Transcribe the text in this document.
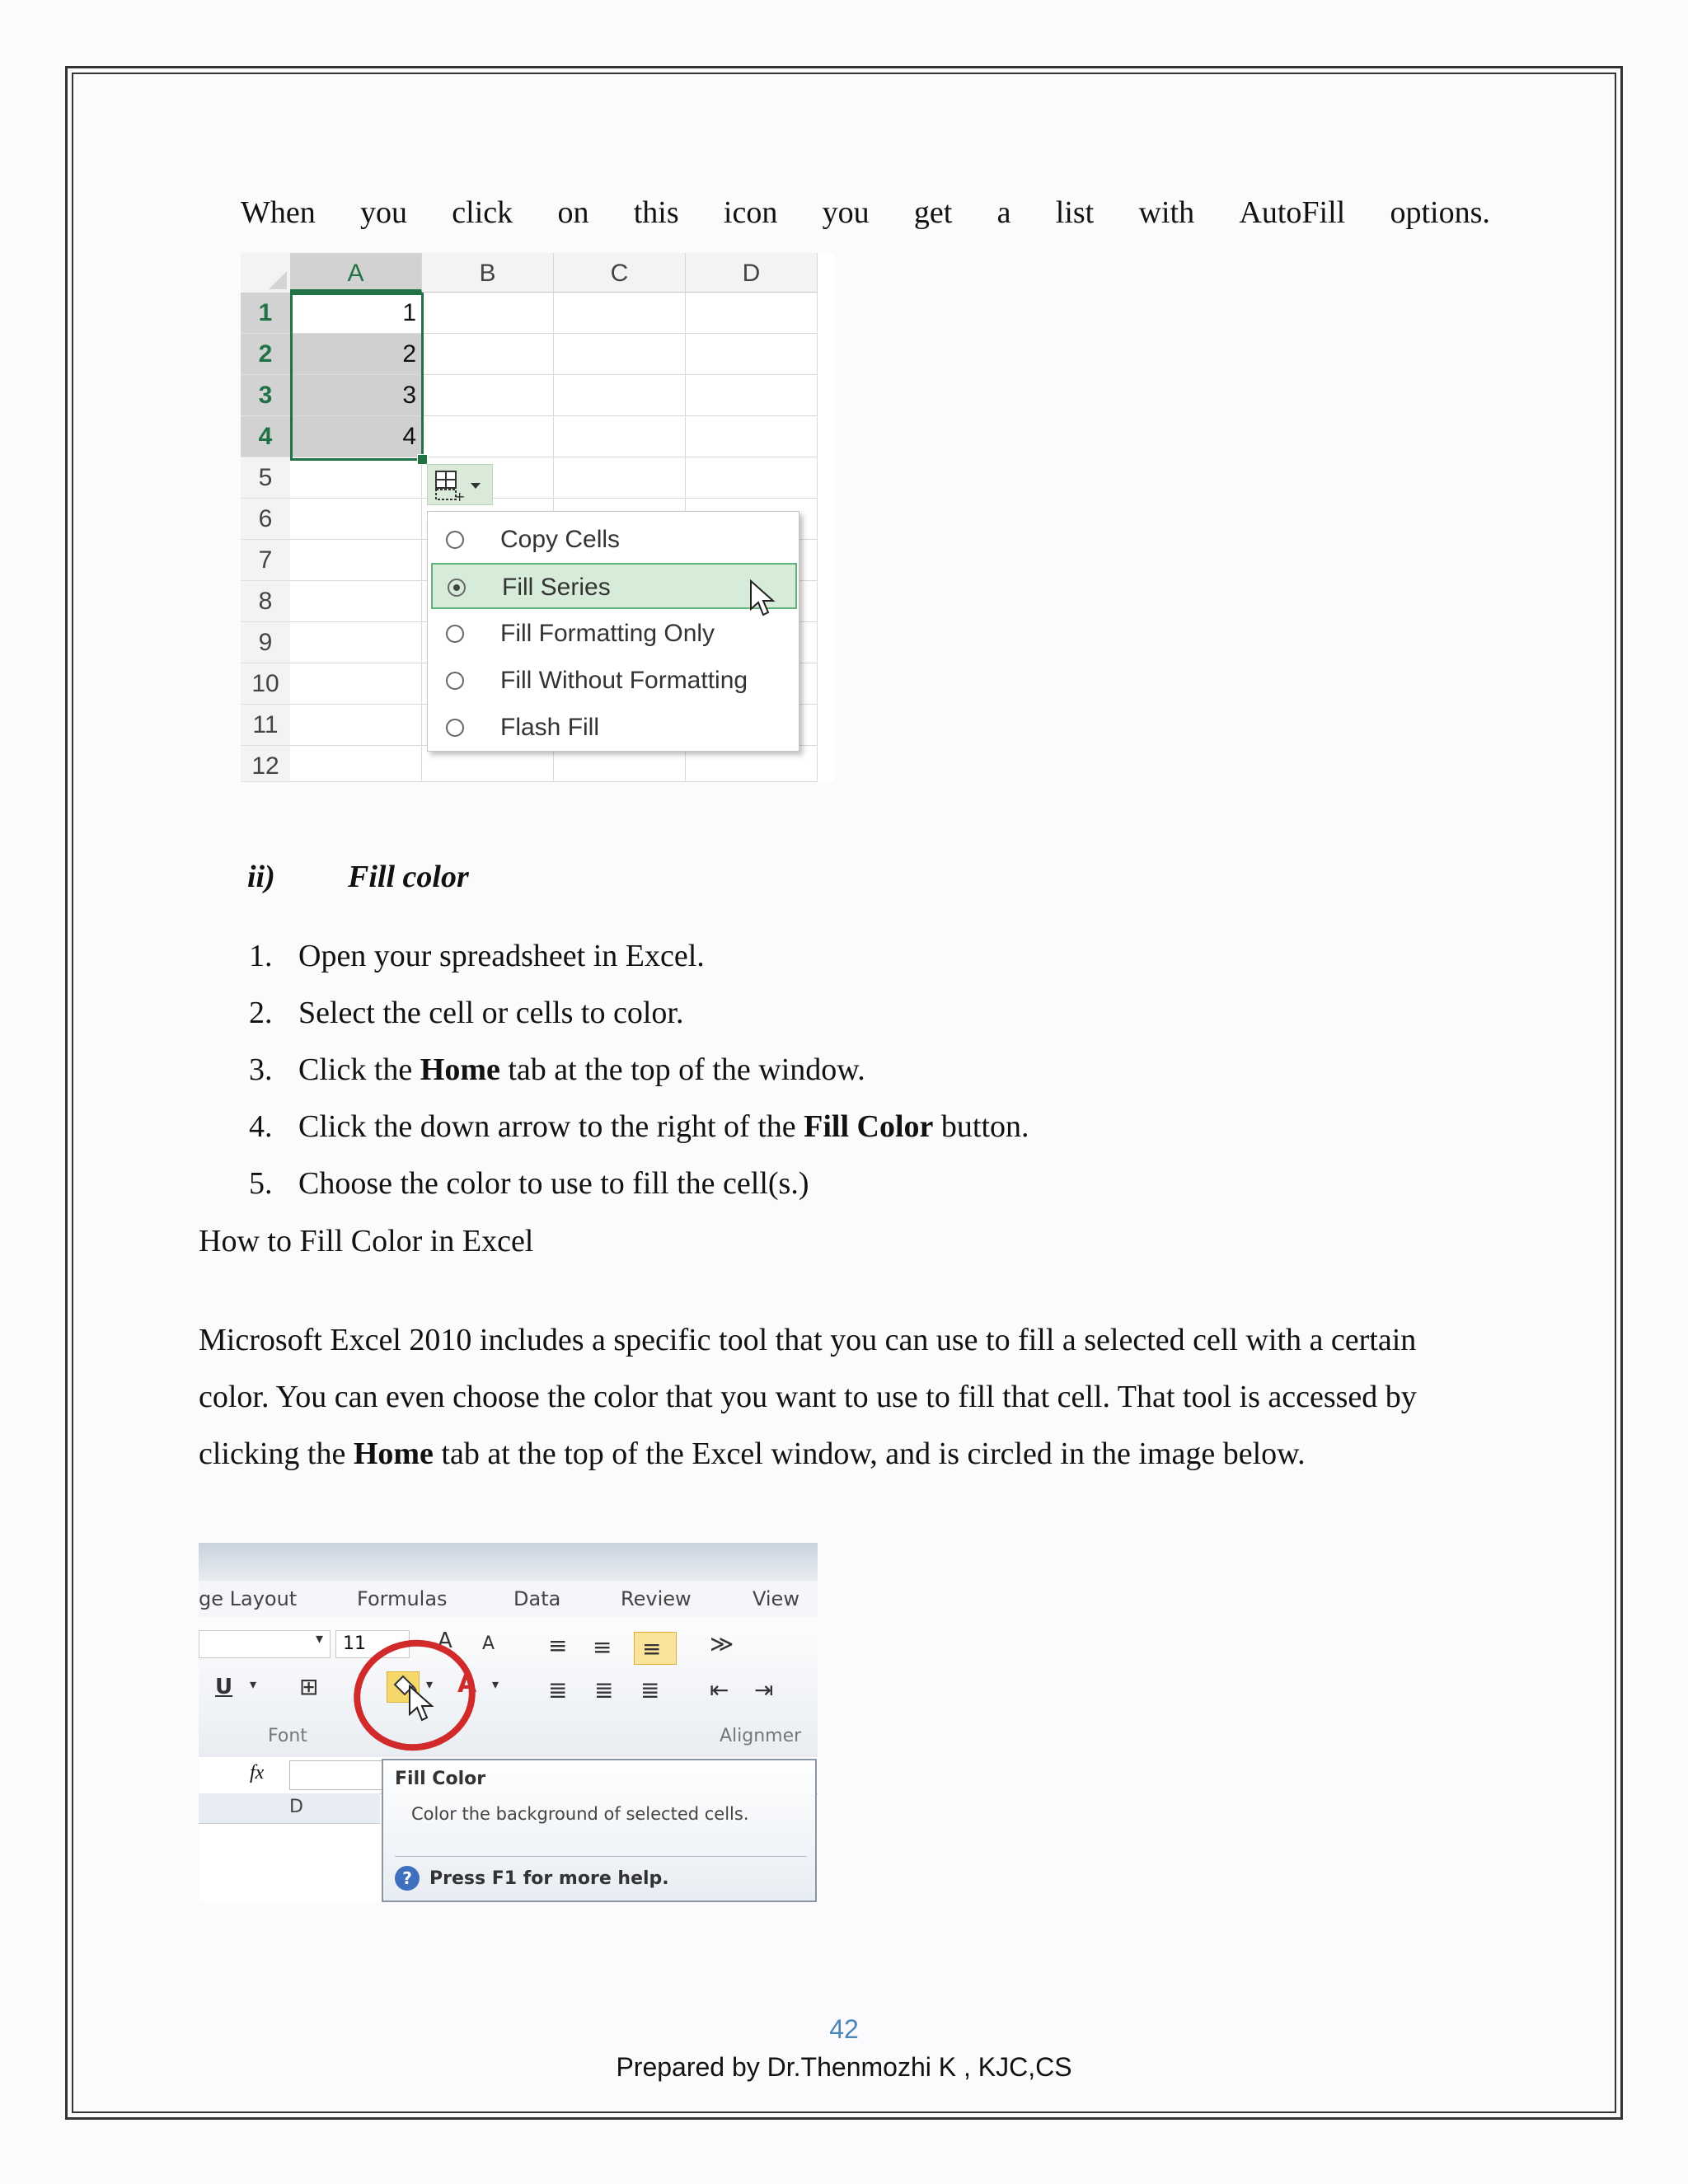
When you click on this icon you get a list with AutoFill options.
A	B	C	D
1
2
3
4
5
6
7
8
9
10
11
12
1
2
3
4
+
Copy Cells
Fill Series
Fill Formatting Only
Fill Without Formatting
Flash Fill
ii) Fill color
1. Open your spreadsheet in Excel.
2. Select the cell or cells to color.
3. Click the Home tab at the top of the window.
4. Click the down arrow to the right of the Fill Color button.
5. Choose the color to use to fill the cell(s.)
How to Fill Color in Excel
Microsoft Excel 2010 includes a specific tool that you can use to fill a selected cell with a certain
color. You can even choose the color that you want to use to fill that cell. That tool is accessed by
clicking the Home tab at the top of the Excel window, and is circled in the image below.
ge Layout	Formulas	Data	Review	View
▾	11	A A
U ▾ ⊞	▾ A ▾
≡ ≡ ≡ ≫
≣ ≣ ≣ ⇤ ⇥
Font	Alignmer
fx
D
Fill Color
Color the background of selected cells.
? Press F1 for more help.
42
Prepared by Dr.Thenmozhi K , KJC,CS
